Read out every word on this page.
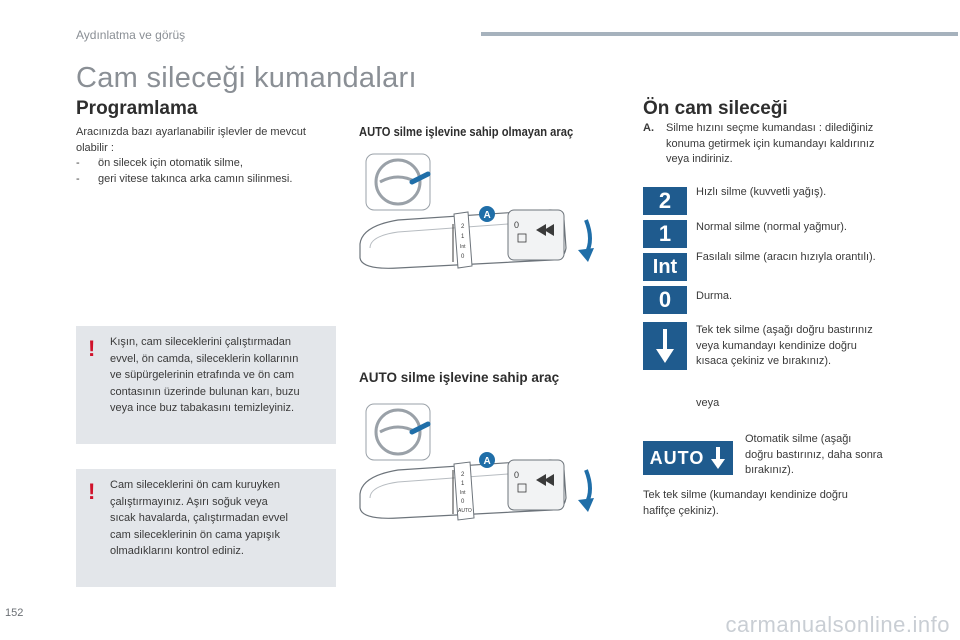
Aydınlatma ve görüş
Cam sileceği kumandaları
Programlama
Aracınızda bazı ayarlanabilir işlevler de mevcut
olabilir :
-	ön silecek için otomatik silme,
-	geri vitese takınca arka camın silinmesi.
! Kışın, cam sileceklerini çalıştırmadan
evvel, ön camda, sileceklerin kollarının
ve süpürgelerinin etrafında ve ön cam
contasının üzerinde bulunan karı, buzu
veya ince buz tabakasını temizleyiniz.
! Cam sileceklerini ön cam kuruyken
çalıştırmayınız. Aşırı soğuk veya
sıcak havalarda, çalıştırmadan evvel
cam sileceklerinin ön cama yapışık
olmadıklarını kontrol ediniz.
AUTO silme işlevine sahip olmayan araç
2
1
Int
0
0
A
AUTO silme işlevine sahip araç
2
1
Int
0
AUTO
0
A
Ön cam sileceği
A.	Silme hızını seçme kumandası : dilediğiniz
konuma getirmek için kumandayı kaldırınız
veya indiriniz.
2	Hızlı silme (kuvvetli yağış).
1	Normal silme (normal yağmur).
Int	Fasılalı silme (aracın hızıyla orantılı).
0	Durma.
Tek tek silme (aşağı doğru bastırınız
veya kumandayı kendinize doğru
kısaca çekiniz ve bırakınız).
veya
AUTO
Otomatik silme (aşağı
doğru bastırınız, daha sonra
bırakınız).
Tek tek silme (kumandayı kendinize doğru
hafifçe çekiniz).
152	carmanualsonline.info
